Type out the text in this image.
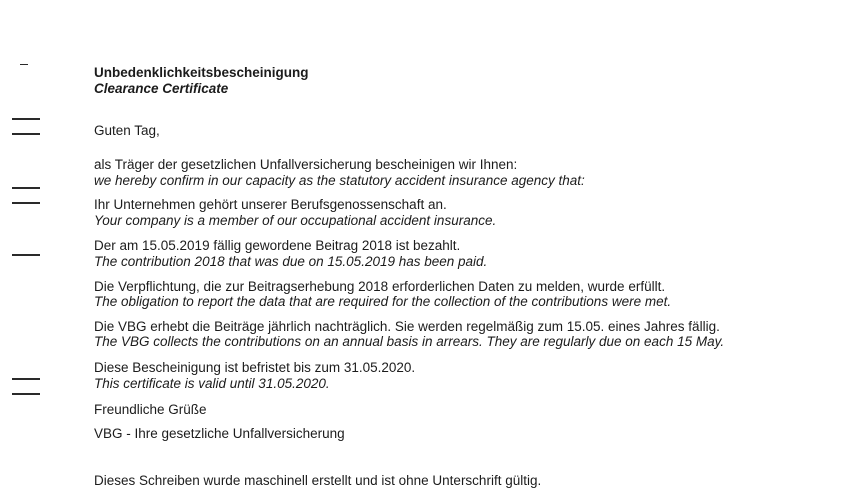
Unbedenklichkeitsbescheinigung
Clearance Certificate
Guten Tag,
als Träger der gesetzlichen Unfallversicherung bescheinigen wir Ihnen:
we hereby confirm in our capacity as the statutory accident insurance agency that:
Ihr Unternehmen gehört unserer Berufsgenossenschaft an.
Your company is a member of our occupational accident insurance.
Der am 15.05.2019 fällig gewordene Beitrag 2018 ist bezahlt.
The contribution 2018 that was due on 15.05.2019 has been paid.
Die Verpflichtung, die zur Beitragserhebung 2018 erforderlichen Daten zu melden, wurde erfüllt.
The obligation to report the data that are required for the collection of the contributions were met.
Die VBG erhebt die Beiträge jährlich nachträglich. Sie werden regelmäßig zum 15.05. eines Jahres fällig.
The VBG collects the contributions on an annual basis in arrears. They are regularly due on each 15 May.
Diese Bescheinigung ist befristet bis zum 31.05.2020.
This certificate is valid until 31.05.2020.
Freundliche Grüße
VBG - Ihre gesetzliche Unfallversicherung
Dieses Schreiben wurde maschinell erstellt und ist ohne Unterschrift gültig.
